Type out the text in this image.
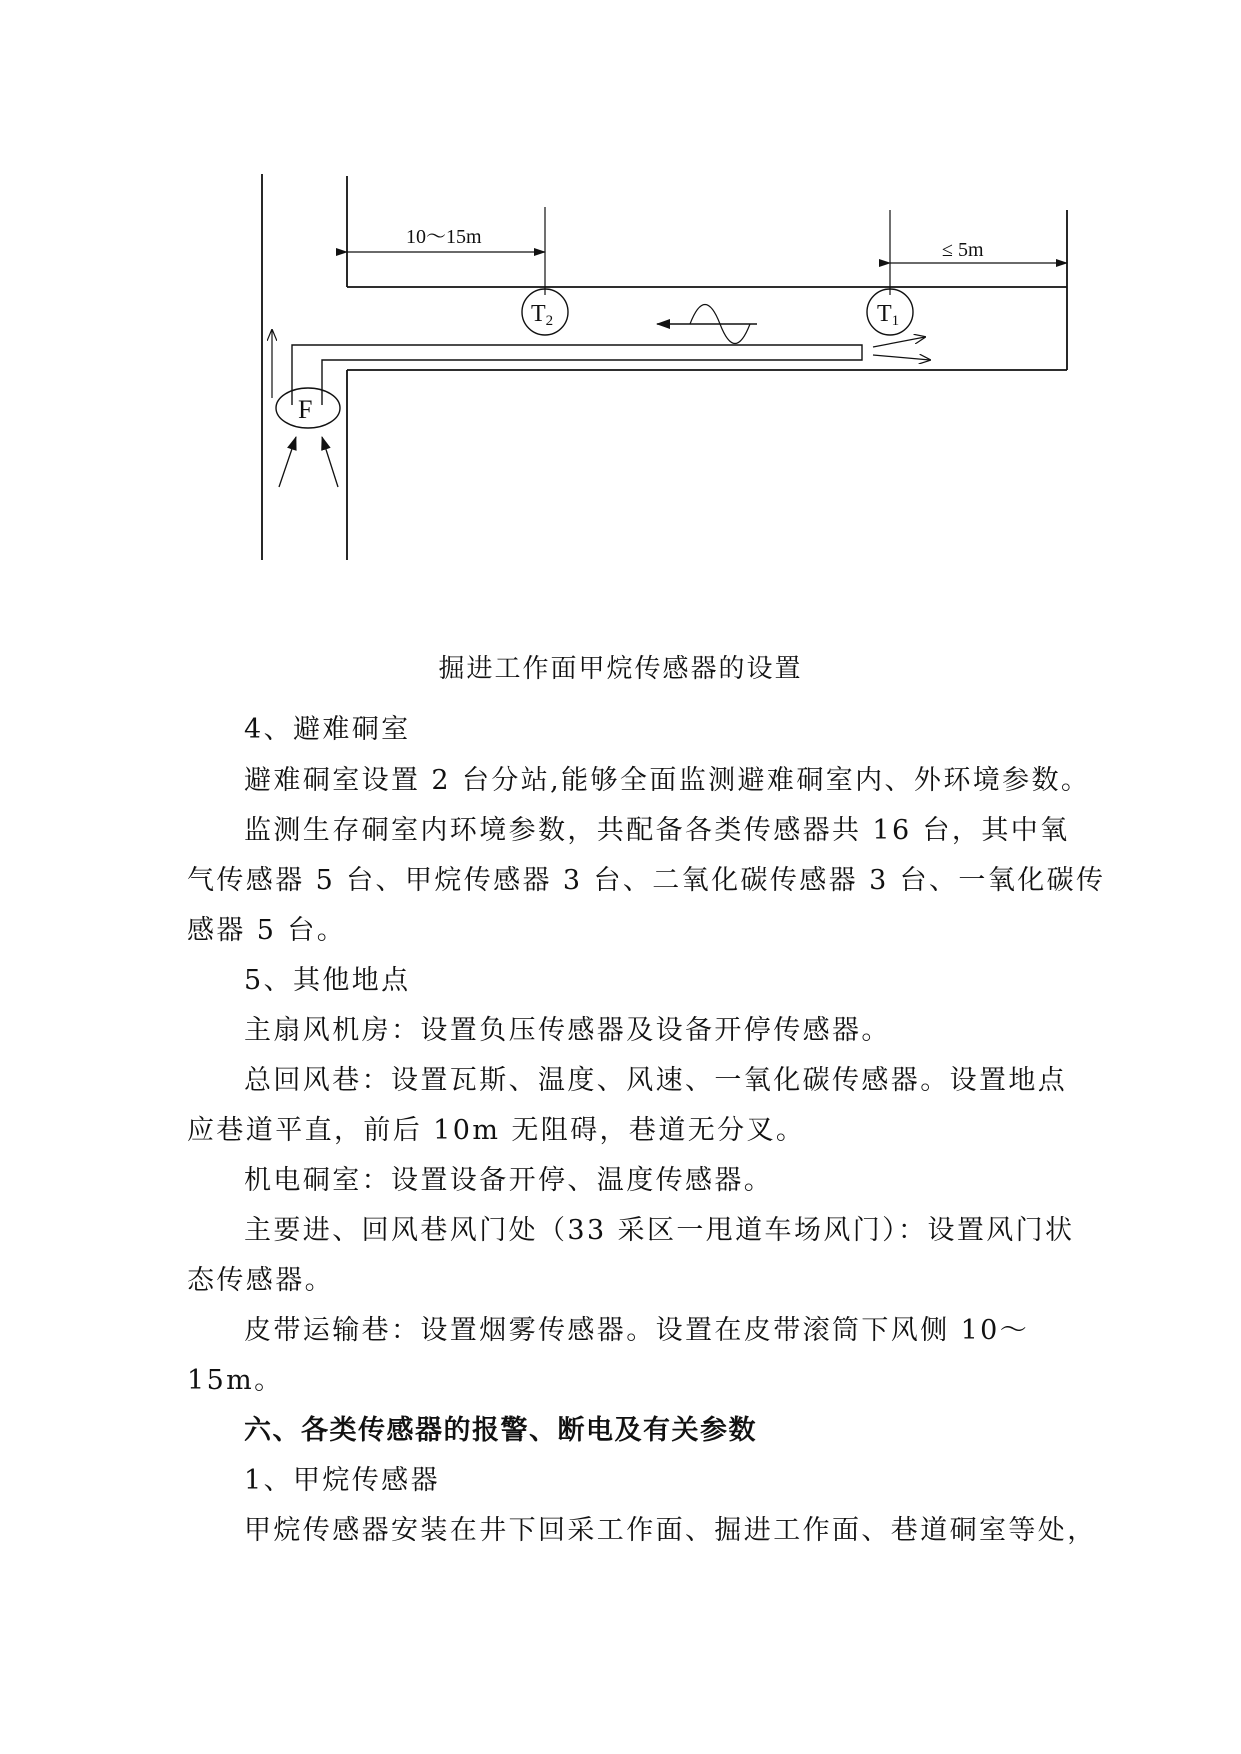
10～15m
≤ 5m
T2	T1
F
掘进工作面甲烷传感器的设置
4、避难硐室
避难硐室设置 2 台分站,能够全面监测避难硐室内、外环境参数。
监测生存硐室内环境参数，共配备各类传感器共 16 台，其中氧
气传感器 5 台、甲烷传感器 3 台、二氧化碳传感器 3 台、一氧化碳传
感器 5 台。
5、其他地点
主扇风机房：设置负压传感器及设备开停传感器。
总回风巷：设置瓦斯、温度、风速、一氧化碳传感器。设置地点
应巷道平直，前后 10m 无阻碍，巷道无分叉。
机电硐室：设置设备开停、温度传感器。
主要进、回风巷风门处（33 采区一甩道车场风门）：设置风门状
态传感器。
皮带运输巷：设置烟雾传感器。设置在皮带滚筒下风侧 10～
15m。
六、各类传感器的报警、断电及有关参数
1、甲烷传感器
甲烷传感器安装在井下回采工作面、掘进工作面、巷道硐室等处，
